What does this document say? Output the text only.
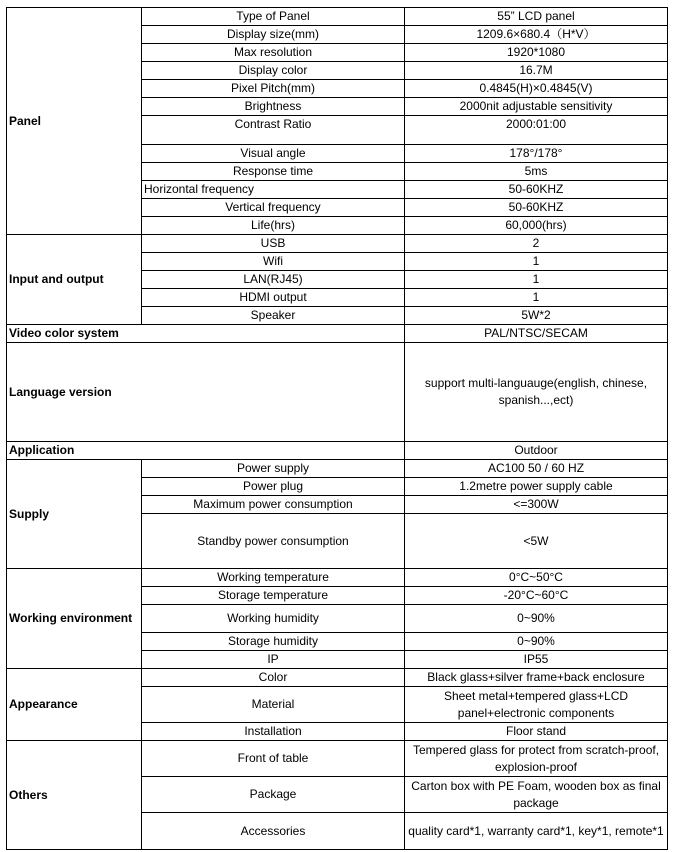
Panel	Type of Panel	55” LCD panel
	Display size(mm)	1209.6×680.4（H*V）
	Max resolution	1920*1080
	Display color	16.7M
	Pixel Pitch(mm)	0.4845(H)×0.4845(V)
	Brightness	2000nit adjustable sensitivity
	Contrast Ratio	2000:01:00
	Visual angle	178°/178°
	Response time	5ms
	Horizontal frequency	50-60KHZ
	Vertical frequency	50-60KHZ
	Life(hrs)	60,000(hrs)
Input and output	USB	2
	Wifi	1
	LAN(RJ45)	1
	HDMI output	1
	Speaker	5W*2
Video color system		PAL/NTSC/SECAM
Language version		support multi-languauge(english, chinese, spanish...,ect)
Application		Outdoor
Supply	Power supply	AC100 50 / 60 HZ
	Power plug	1.2metre power supply cable
	Maximum power consumption	<=300W
	Standby power consumption	<5W
Working environment	Working temperature	0°C~50°C
	Storage temperature	-20°C~60°C
	Working humidity	0~90%
	Storage humidity	0~90%
	IP	IP55
Appearance	Color	Black glass+silver frame+back enclosure
	Material	Sheet metal+tempered glass+LCD panel+electronic components
	Installation	Floor stand
Others	Front of table	Tempered glass for protect from scratch-proof, explosion-proof
	Package	Carton box with PE Foam, wooden box as final package
	Accessories	quality card*1, warranty card*1, key*1, remote*1
